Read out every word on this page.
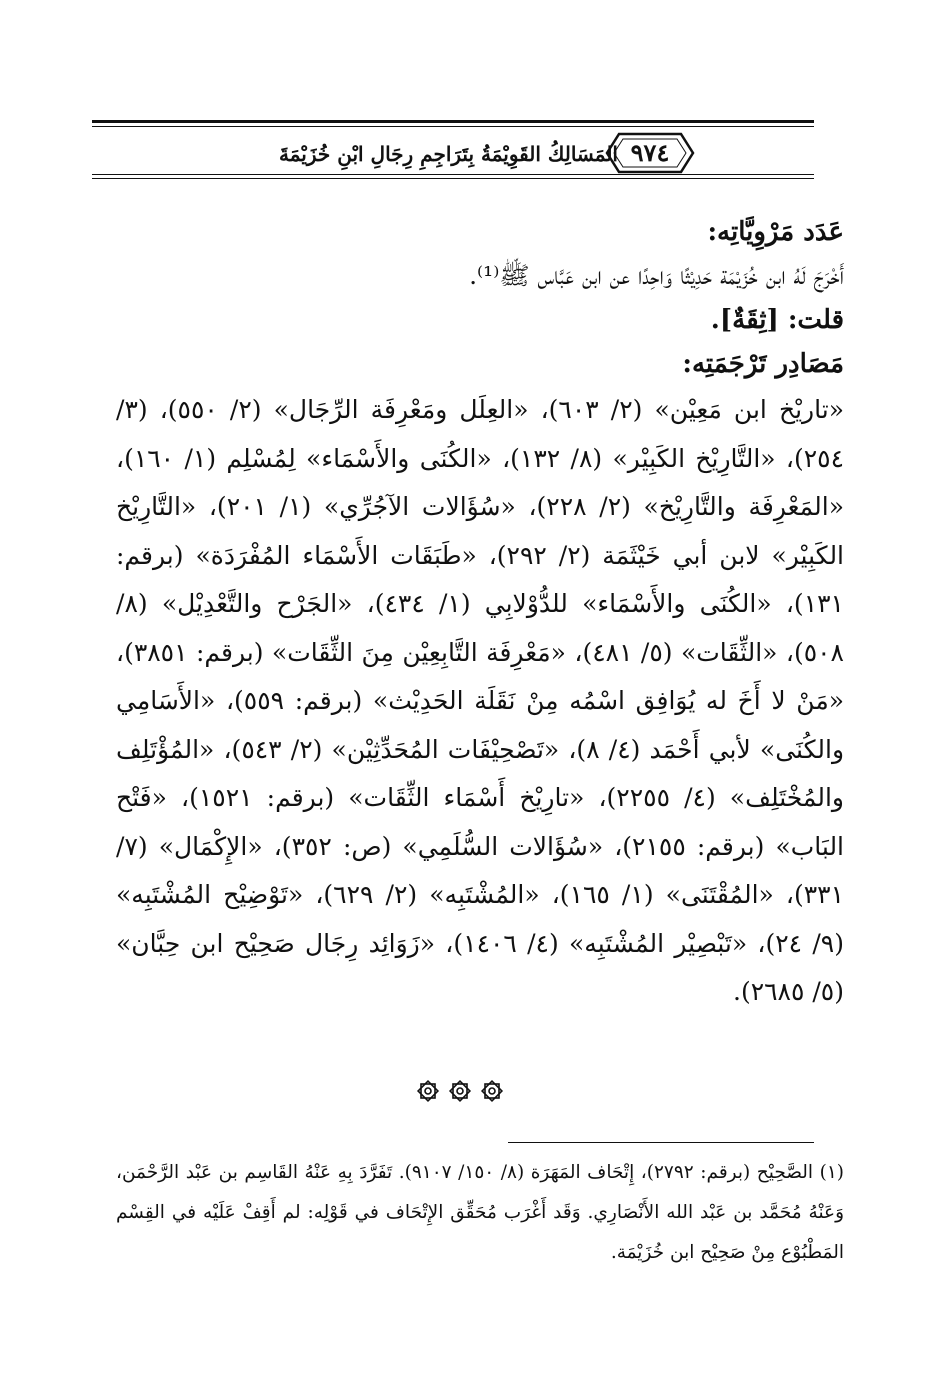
٩٧٤
المَسَالِكُ القَوِيْمَةُ بِتَرَاجِمِ رِجَالِ ابْنِ خُزَيْمَةَ

عَدَد مَرْوِيَّاتِه:

أَخْرَجَ لَهُ ابن خُزَيْمَة حَدِيْثًا وَاحِدًا عن ابن عَبَّاس ﷺ⁽¹⁾.

قلت: [ثِقَةٌ].

مَصَادِر تَرْجَمَتِه:

«تاريْخ ابن مَعِيْن» (٢/ ٦٠٣)، «العِلَل ومَعْرِفَة الرِّجَال» (٢/ ٥٥٠)، (٣/ ٢٥٤)، «التَّارِيْخ الكَبِيْر» (٨/ ١٣٢)، «الكُنَى والأَسْمَاء» لِمُسْلِم (١/ ١٦٠)، «المَعْرِفَة والتَّارِيْخ» (٢/ ٢٢٨)، «سُؤَالات الآجُرِّي» (١/ ٢٠١)، «التَّارِيْخ الكَبِيْر» لابن أبي خَيْثَمَة (٢/ ٢٩٢)، «طَبَقَات الأَسْمَاء المُفْرَدَة» (برقم: ١٣١)، «الكُنَى والأَسْمَاء» للدُّوْلابِي (١/ ٤٣٤)، «الجَرْح والتَّعْدِيْل» (٨/ ٥٠٨)، «الثِّقَات» (٥/ ٤٨١)، «مَعْرِفَة التَّابِعِيْن مِنَ الثِّقَات» (برقم: ٣٨٥١)، «مَنْ لا أَخَ له يُوَافِق اسْمُه مِنْ نَقَلَة الحَدِيْث» (برقم: ٥٥٩)، «الأَسَامِي والكُنَى» لأبي أَحْمَد (٤/ ٨)، «تَصْحِيْفَات المُحَدِّثِيْن» (٢/ ٥٤٣)، «المُؤْتَلِف والمُخْتَلِف» (٤/ ٢٢٥٥)، «تارِيْخ أَسْمَاء الثِّقَات» (برقم: ١٥٢١)، «فَتْح البَاب» (برقم: ٢١٥٥)، «سُؤَالات السُّلَمِي» (ص: ٣٥٢)، «الإِكْمَال» (٧/ ٣٣١)، «المُقْتَنَى» (١/ ١٦٥)، «المُشْتَبِه» (٢/ ٦٢٩)، «تَوْضِيْح المُشْتَبِه» (٩/ ٢٤)، «تَبْصِيْر المُشْتَبِه» (٤/ ١٤٠٦)، «زَوَائِد رِجَال صَحِيْح ابن حِبَّان» (٥/ ٢٦٨٥).

(١) الصَّحِيْح (برقم: ٢٧٩٢)، إِتْحَاف المَهَرَة (٨/ ١٥٠/ ٩١٠٧). تَفَرَّدَ بِهِ عَنْهُ القَاسِم بن عَبْد الرَّحْمَن، وَعَنْهُ مُحَمَّد بن عَبْد الله الأَنْصَارِي. وَقَد أَغْرَب مُحَقِّق الإِتْحَاف في قَوْلِه: لم أَقِفْ عَلَيْه في القِسْم المَطْبُوْع مِنْ صَحِيْح ابن خُزَيْمَة.
